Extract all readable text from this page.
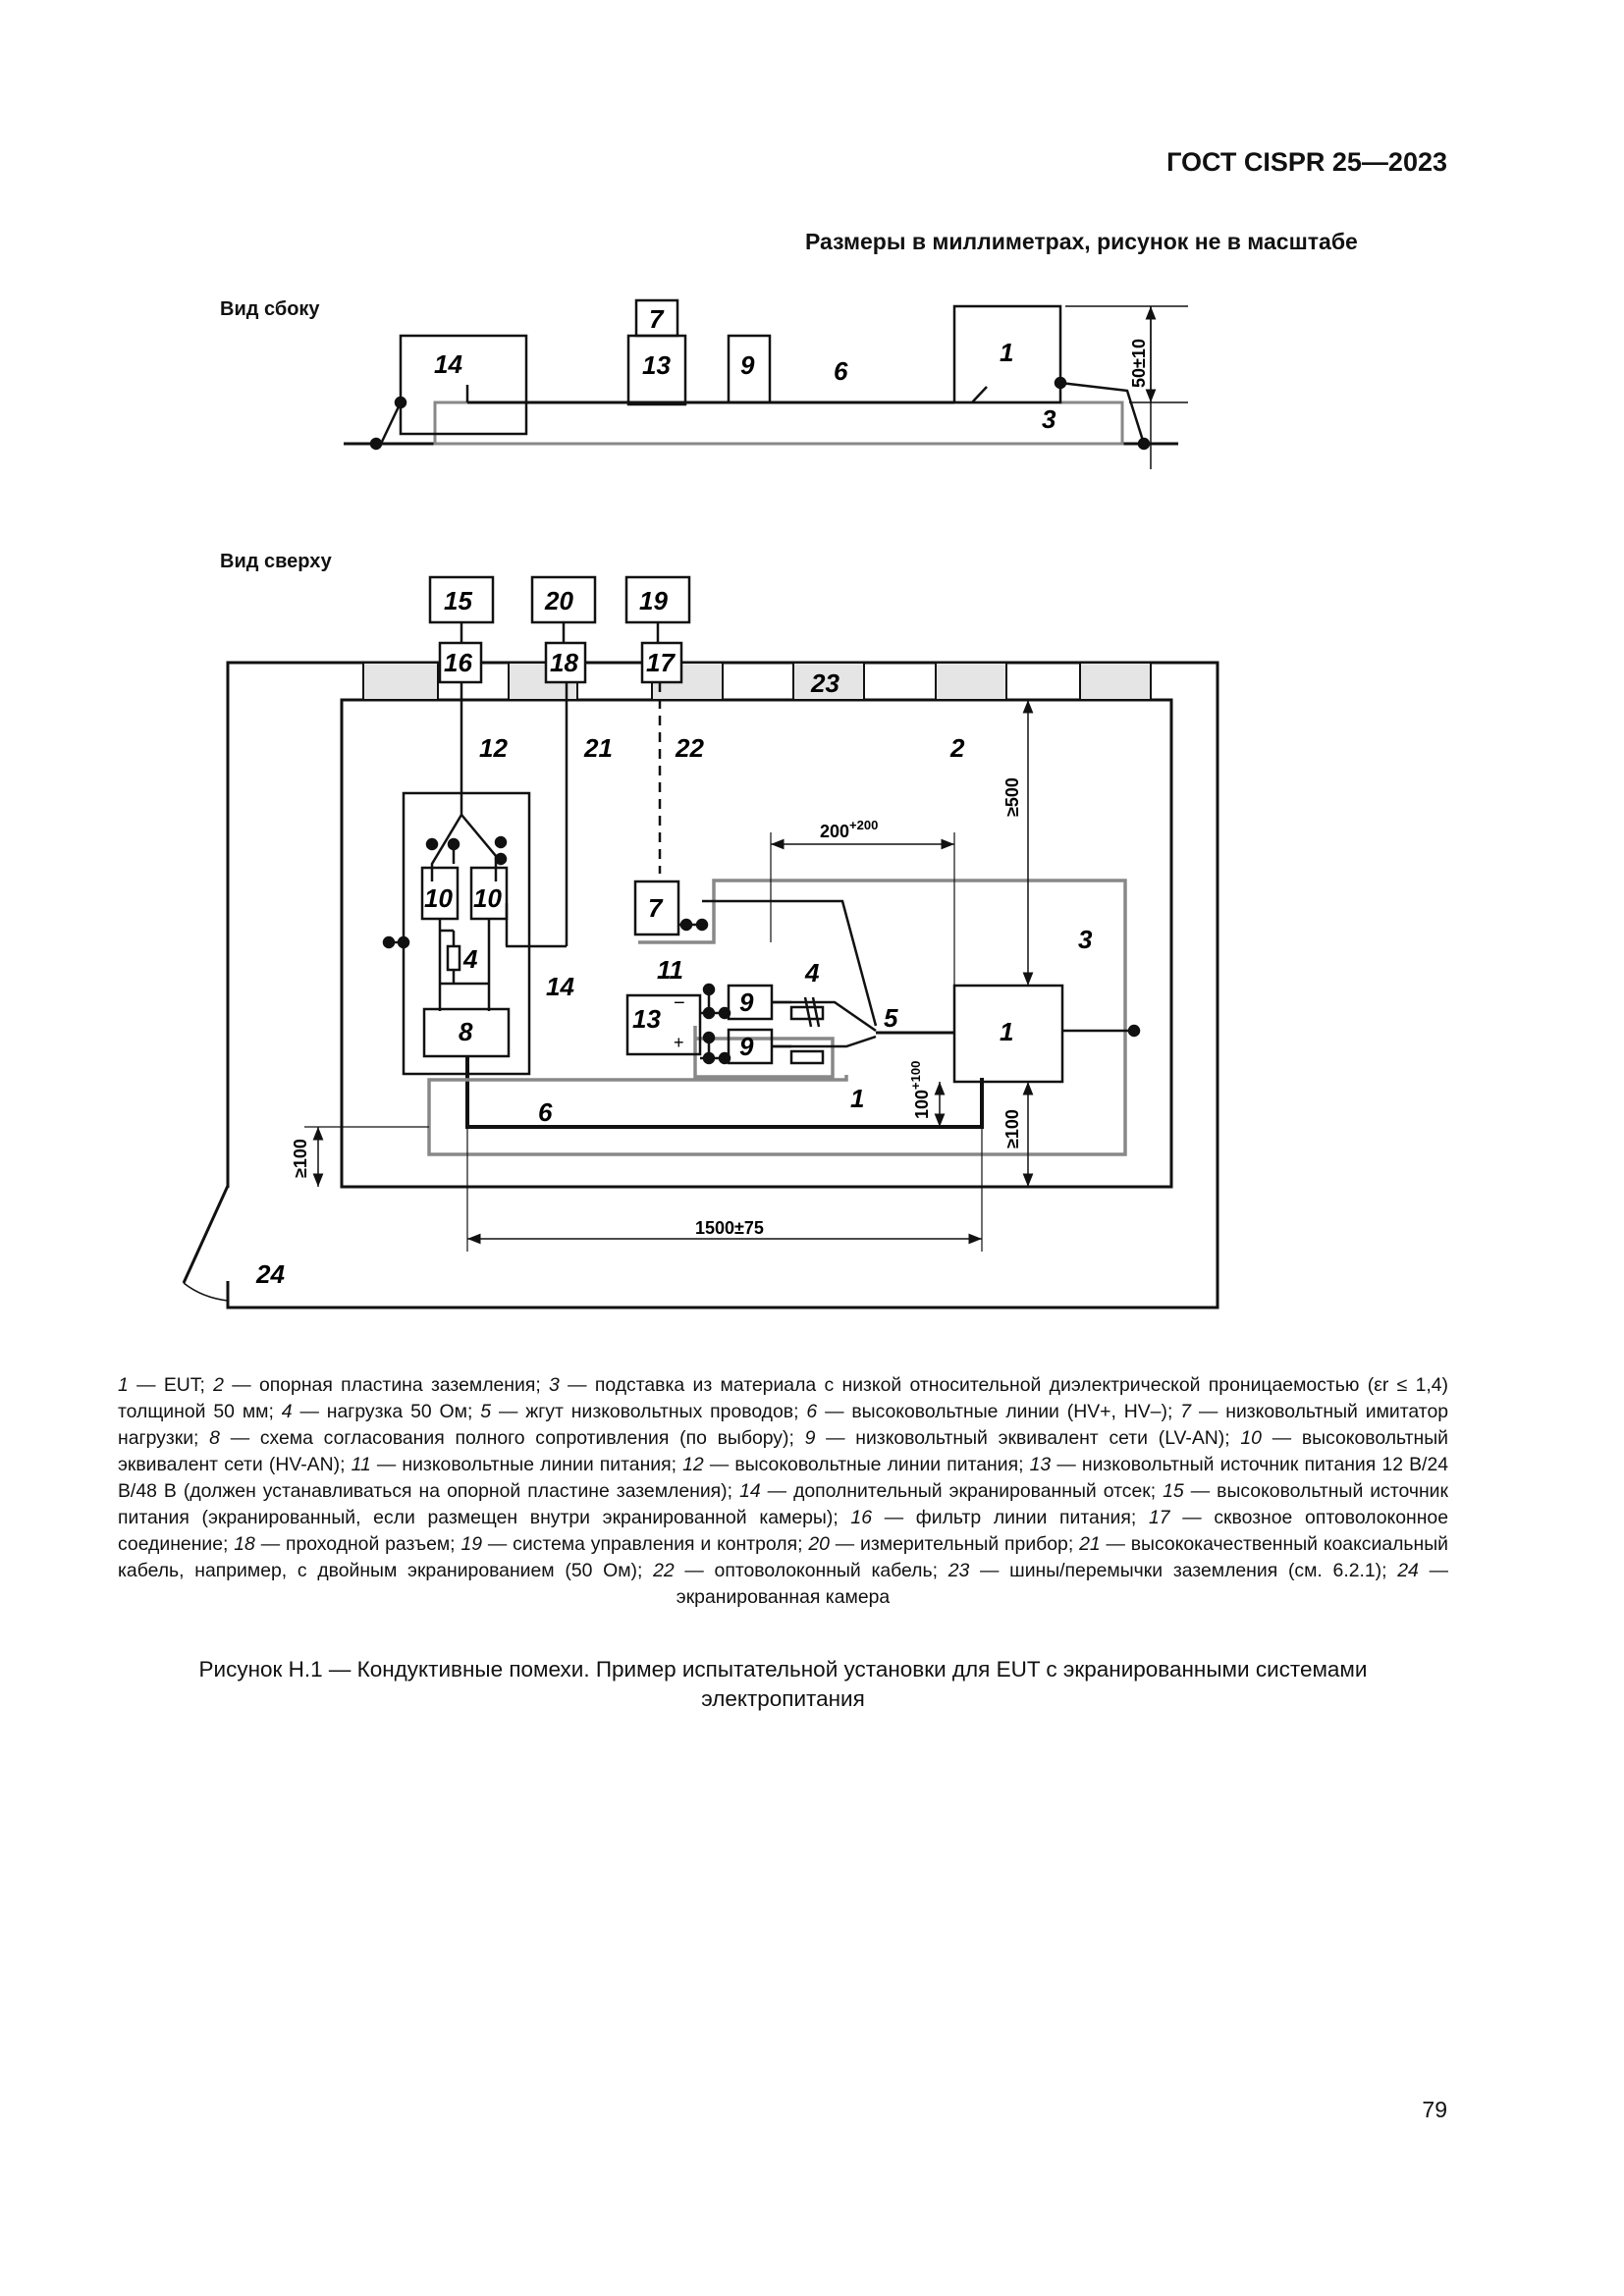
ГОСТ CISPR 25—2023
Размеры в миллиметрах, рисунок не в масштабе
Вид сбоку
Вид сверху
14	13
7
9	6
1
3
50±10
15	20	19
16	18	17
23
12	21 22	2
3
7
10 10
4
14
8
11	4
13
−
+
9
9
5	1
1
6
24
$200^{+200}$
≥500
$100^{+100}$
≥100
≥100
1500±75
1 — EUT; 2 — опорная пластина заземления; 3 — подставка из материала с низкой относительной диэлектрической проницаемостью (εr ≤ 1,4) толщиной 50 мм; 4 — нагрузка 50 Ом; 5 — жгут низковольтных проводов; 6 — высоковольтные линии (HV+, HV–); 7 — низковольтный имитатор нагрузки; 8 — схема согласования полного сопротивления (по выбору); 9 — низковольтный эквивалент сети (LV-AN); 10 — высоковольтный эквивалент сети (HV-AN); 11 — низковольтные линии питания; 12 — высоковольтные линии питания; 13 — низковольтный источник питания 12 В/24 В/48 В (должен устанавливаться на опорной пластине заземления); 14 — дополнительный экранированный отсек; 15 — высоковольтный источник питания (экранированный, если размещен внутри экранированной камеры); 16 — фильтр линии питания; 17 — сквозное оптоволоконное соединение; 18 — проходной разъем; 19 — система управления и контроля; 20 — измерительный прибор; 21 — высококачественный коаксиальный кабель, например, с двойным экранированием (50 Ом); 22 — оптоволоконный кабель; 23 — шины/перемычки заземления (см. 6.2.1); 24 — экранированная камера
Рисунок Н.1 — Кондуктивные помехи. Пример испытательной установки для EUT с экранированными системами электропитания
79
